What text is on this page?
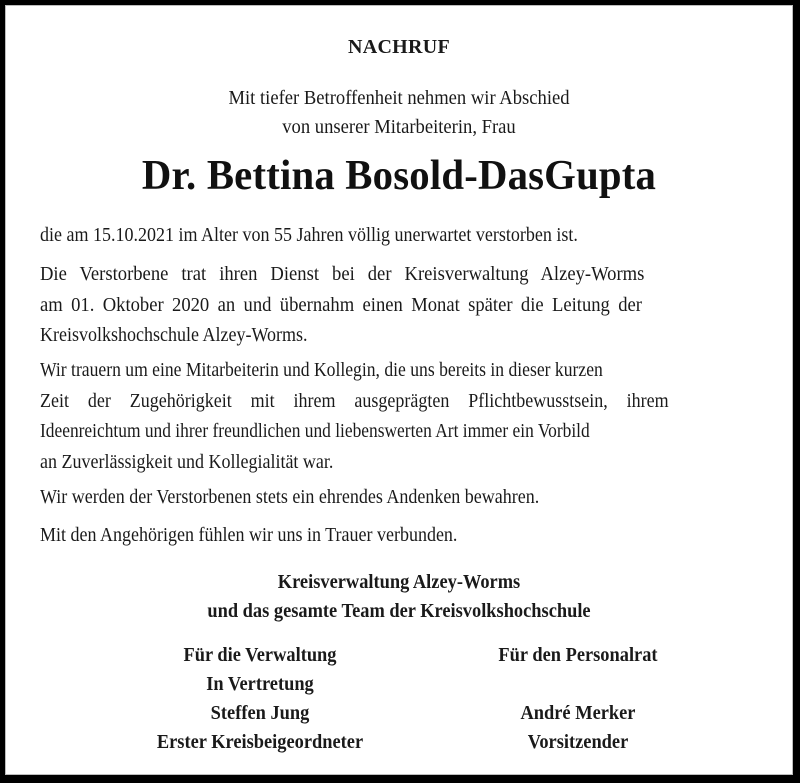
NACHRUF
Mit tiefer Betroffenheit nehmen wir Abschied
von unserer Mitarbeiterin, Frau
Dr. Bettina Bosold-DasGupta
die am 15.10.2021 im Alter von 55 Jahren völlig unerwartet verstorben ist.
Die Verstorbene trat ihren Dienst bei der Kreisverwaltung Alzey-Worms
am 01. Oktober 2020 an und übernahm einen Monat später die Leitung der
Kreisvolkshochschule Alzey-Worms.
Wir trauern um eine Mitarbeiterin und Kollegin, die uns bereits in dieser kurzen
Zeit der Zugehörigkeit mit ihrem ausgeprägten Pflichtbewusstsein, ihrem
Ideenreichtum und ihrer freundlichen und liebenswerten Art immer ein Vorbild
an Zuverlässigkeit und Kollegialität war.
Wir werden der Verstorbenen stets ein ehrendes Andenken bewahren.
Mit den Angehörigen fühlen wir uns in Trauer verbunden.
Kreisverwaltung Alzey-Worms
und das gesamte Team der Kreisvolkshochschule
Für die Verwaltung
In Vertretung
Steffen Jung
Erster Kreisbeigeordneter
Für den Personalrat
André Merker
Vorsitzender
